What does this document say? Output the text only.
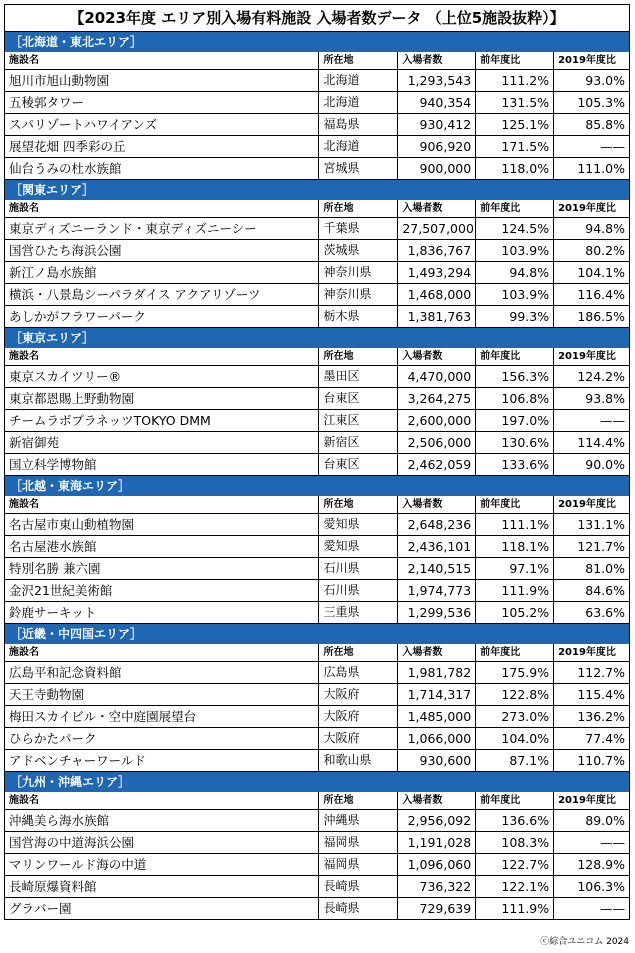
【2023年度 エリア別入場有料施設 入場者数データ （上位5施設抜粋）】
［北海道・東北エリア］
施設名	所在地	入場者数	前年度比	2019年度比
旭川市旭山動物園	北海道	1,293,543	111.2%	93.0%
五稜郭タワー	北海道	940,354	131.5%	105.3%
スパリゾートハワイアンズ	福島県	930,412	125.1%	85.8%
展望花畑 四季彩の丘	北海道	906,920	171.5%	——
仙台うみの杜水族館	宮城県	900,000	118.0%	111.0%
［関東エリア］
施設名	所在地	入場者数	前年度比	2019年度比
東京ディズニーランド・東京ディズニーシー	千葉県	27,507,000	124.5%	94.8%
国営ひたち海浜公園	茨城県	1,836,767	103.9%	80.2%
新江ノ島水族館	神奈川県	1,493,294	94.8%	104.1%
横浜・八景島シーパラダイス アクアリゾーツ	神奈川県	1,468,000	103.9%	116.4%
あしかがフラワーパーク	栃木県	1,381,763	99.3%	186.5%
［東京エリア］
施設名	所在地	入場者数	前年度比	2019年度比
東京スカイツリー®	墨田区	4,470,000	156.3%	124.2%
東京都恩賜上野動物園	台東区	3,264,275	106.8%	93.8%
チームラボプラネッツTOKYO DMM	江東区	2,600,000	197.0%	——
新宿御苑	新宿区	2,506,000	130.6%	114.4%
国立科学博物館	台東区	2,462,059	133.6%	90.0%
［北越・東海エリア］
施設名	所在地	入場者数	前年度比	2019年度比
名古屋市東山動植物園	愛知県	2,648,236	111.1%	131.1%
名古屋港水族館	愛知県	2,436,101	118.1%	121.7%
特別名勝 兼六園	石川県	2,140,515	97.1%	81.0%
金沢21世紀美術館	石川県	1,974,773	111.9%	84.6%
鈴鹿サーキット	三重県	1,299,536	105.2%	63.6%
［近畿・中四国エリア］
施設名	所在地	入場者数	前年度比	2019年度比
広島平和記念資料館	広島県	1,981,782	175.9%	112.7%
天王寺動物園	大阪府	1,714,317	122.8%	115.4%
梅田スカイビル・空中庭園展望台	大阪府	1,485,000	273.0%	136.2%
ひらかたパーク	大阪府	1,066,000	104.0%	77.4%
アドベンチャーワールド	和歌山県	930,600	87.1%	110.7%
［九州・沖縄エリア］
施設名	所在地	入場者数	前年度比	2019年度比
沖縄美ら海水族館	沖縄県	2,956,092	136.6%	89.0%
国営海の中道海浜公園	福岡県	1,191,028	108.3%	——
マリンワールド海の中道	福岡県	1,096,060	122.7%	128.9%
長崎原爆資料館	長崎県	736,322	122.1%	106.3%
グラバー園	長崎県	729,639	111.9%	——
ⓒ綜合ユニコム 2024
